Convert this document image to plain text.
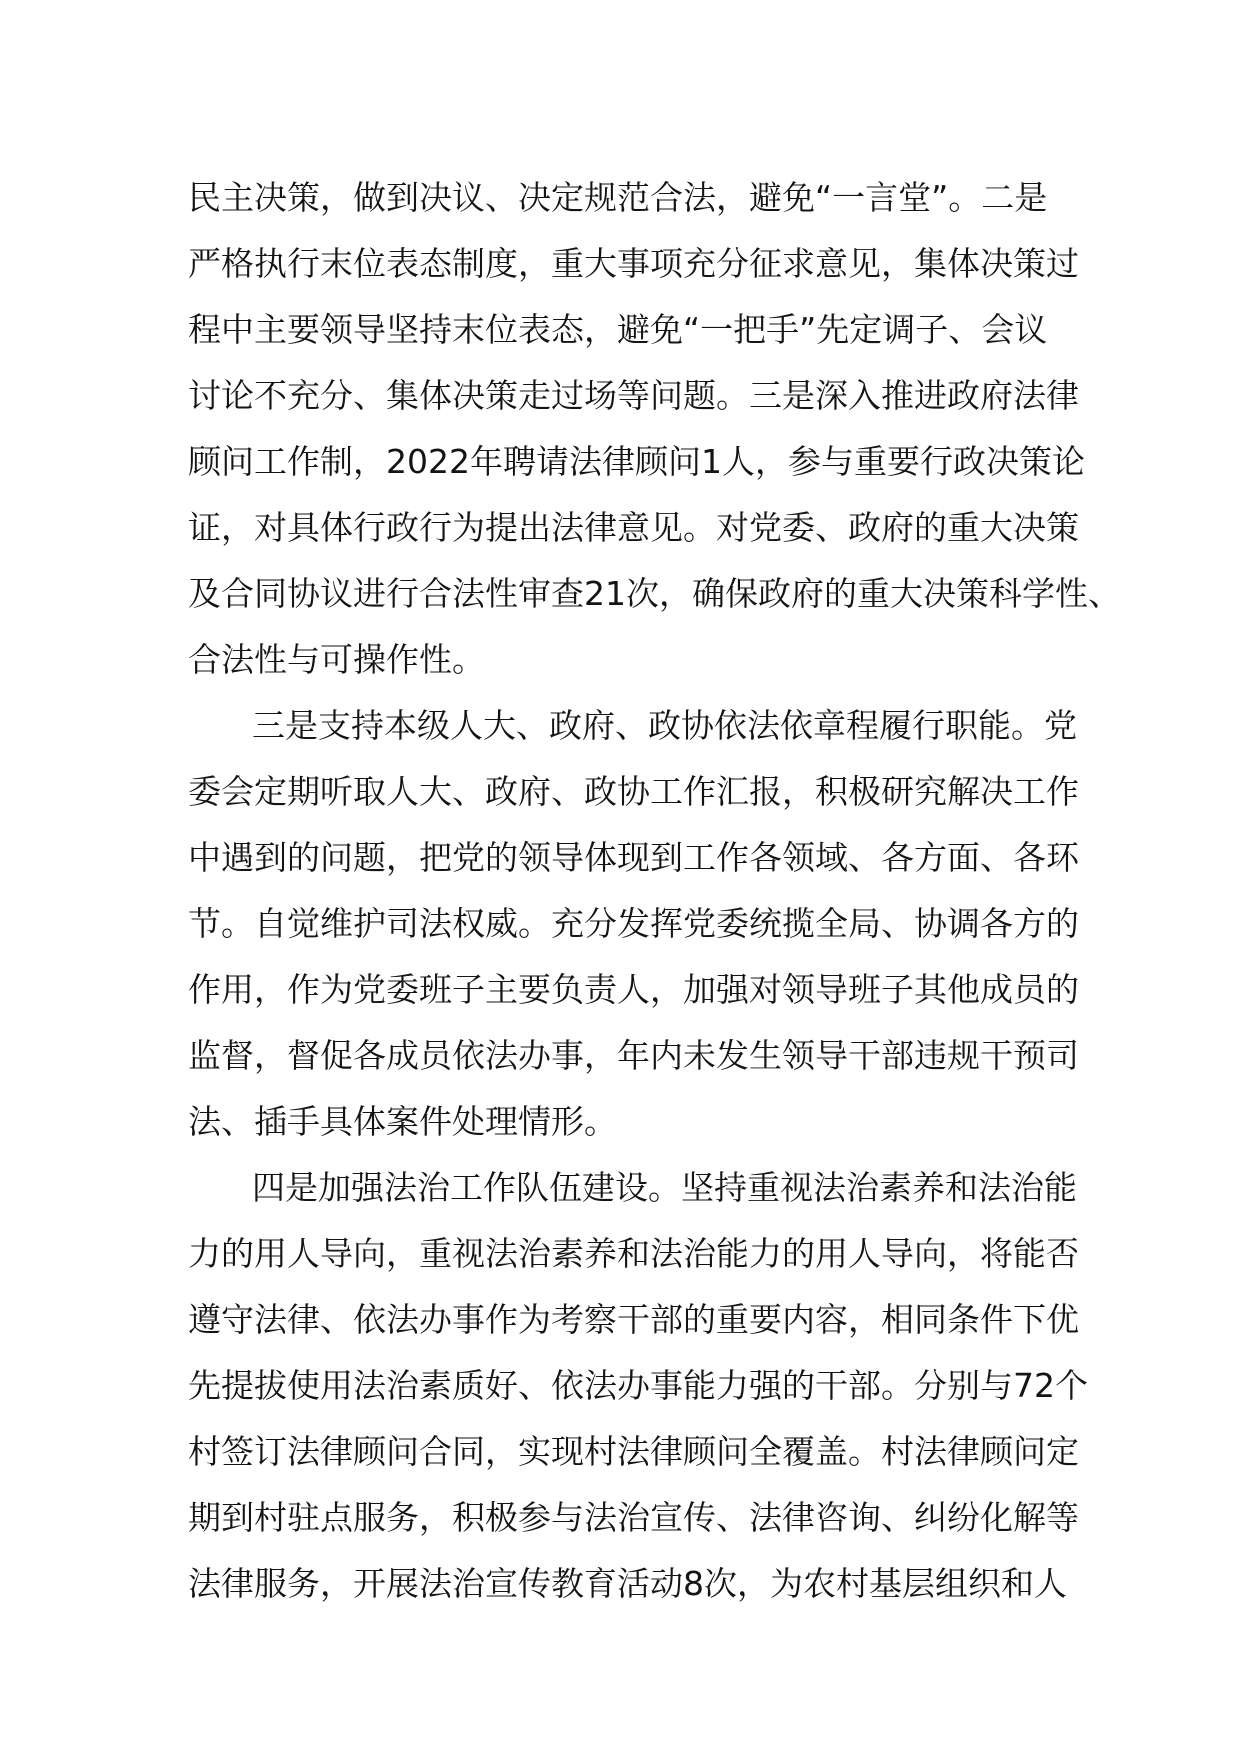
民主决策，做到决议、决定规范合法，避免“一言堂”。二是
严格执行末位表态制度，重大事项充分征求意见，集体决策过
程中主要领导坚持末位表态，避免“一把手”先定调子、会议
讨论不充分、集体决策走过场等问题。三是深入推进政府法律
顾问工作制，2022年聘请法律顾问1人，参与重要行政决策论
证，对具体行政行为提出法律意见。对党委、政府的重大决策
及合同协议进行合法性审查21次，确保政府的重大决策科学性、
合法性与可操作性。
三是支持本级人大、政府、政协依法依章程履行职能。党
委会定期听取人大、政府、政协工作汇报，积极研究解决工作
中遇到的问题，把党的领导体现到工作各领域、各方面、各环
节。自觉维护司法权威。充分发挥党委统揽全局、协调各方的
作用，作为党委班子主要负责人，加强对领导班子其他成员的
监督，督促各成员依法办事，年内未发生领导干部违规干预司
法、插手具体案件处理情形。
四是加强法治工作队伍建设。坚持重视法治素养和法治能
力的用人导向，重视法治素养和法治能力的用人导向，将能否
遵守法律、依法办事作为考察干部的重要内容，相同条件下优
先提拔使用法治素质好、依法办事能力强的干部。分别与72个
村签订法律顾问合同，实现村法律顾问全覆盖。村法律顾问定
期到村驻点服务，积极参与法治宣传、法律咨询、纠纷化解等
法律服务，开展法治宣传教育活动8次，为农村基层组织和人
